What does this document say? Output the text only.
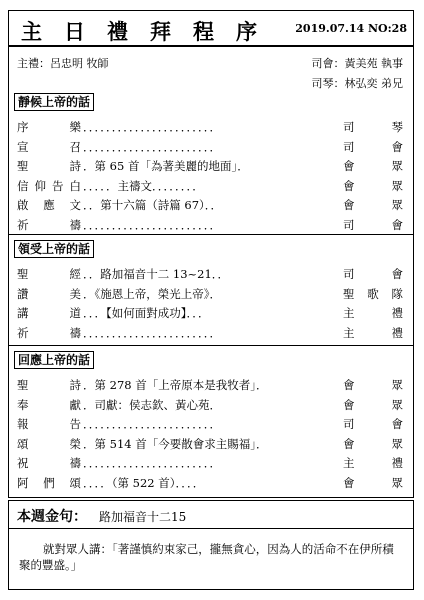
主日禮拜程序 2019.07.14 NO:28
主禮：呂忠明 牧師	司會：黃美苑 執事
司琴：林弘奕 弟兄
靜候上帝的話
序	樂 ．．．．．．．．．．．．．．．．．．．．．．．	司	琴
宣	召 ．．．．．．．．．．．．．．．．．．．．．．．	司	會
聖	詩 ．第 65 首「為著美麗的地面」．	會	眾
信 仰 告 白 ．．．．．主禱文．．．．．．．．	會	眾
啟 應 文 ．．第十六篇（詩篇 67）．．	會	眾
祈	禱 ．．．．．．．．．．．．．．．．．．．．．．．	司	會
領受上帝的話
聖	經 ．．路加福音十二 13~21．．	司	會
讚	美 ．《施恩上帝，榮光上帝》．	聖 歌 隊
講	道 ．．．【如何面對成功】．．．	主	禮
祈	禱 ．．．．．．．．．．．．．．．．．．．．．．．	主	禮
回應上帝的話
聖	詩 ．第 278 首「上帝原本是我牧者」．	會	眾
奉	獻 ．司獻：侯志欽、黃心苑．	會	眾
報	告 ．．．．．．．．．．．．．．．．．．．．．．．	司	會
頌	榮 ．第 514 首「今要散會求主賜福」．	會	眾
祝	禱 ．．．．．．．．．．．．．．．．．．．．．．．	主	禮
阿 們 頌 ．．．．（第 522 首）．．．．	會	眾
本週金句： 路加福音十二15
就對眾人講：「著謹慎約束家己，攏無貪心，因為人的活命不在伊所積聚的豐盛。」
